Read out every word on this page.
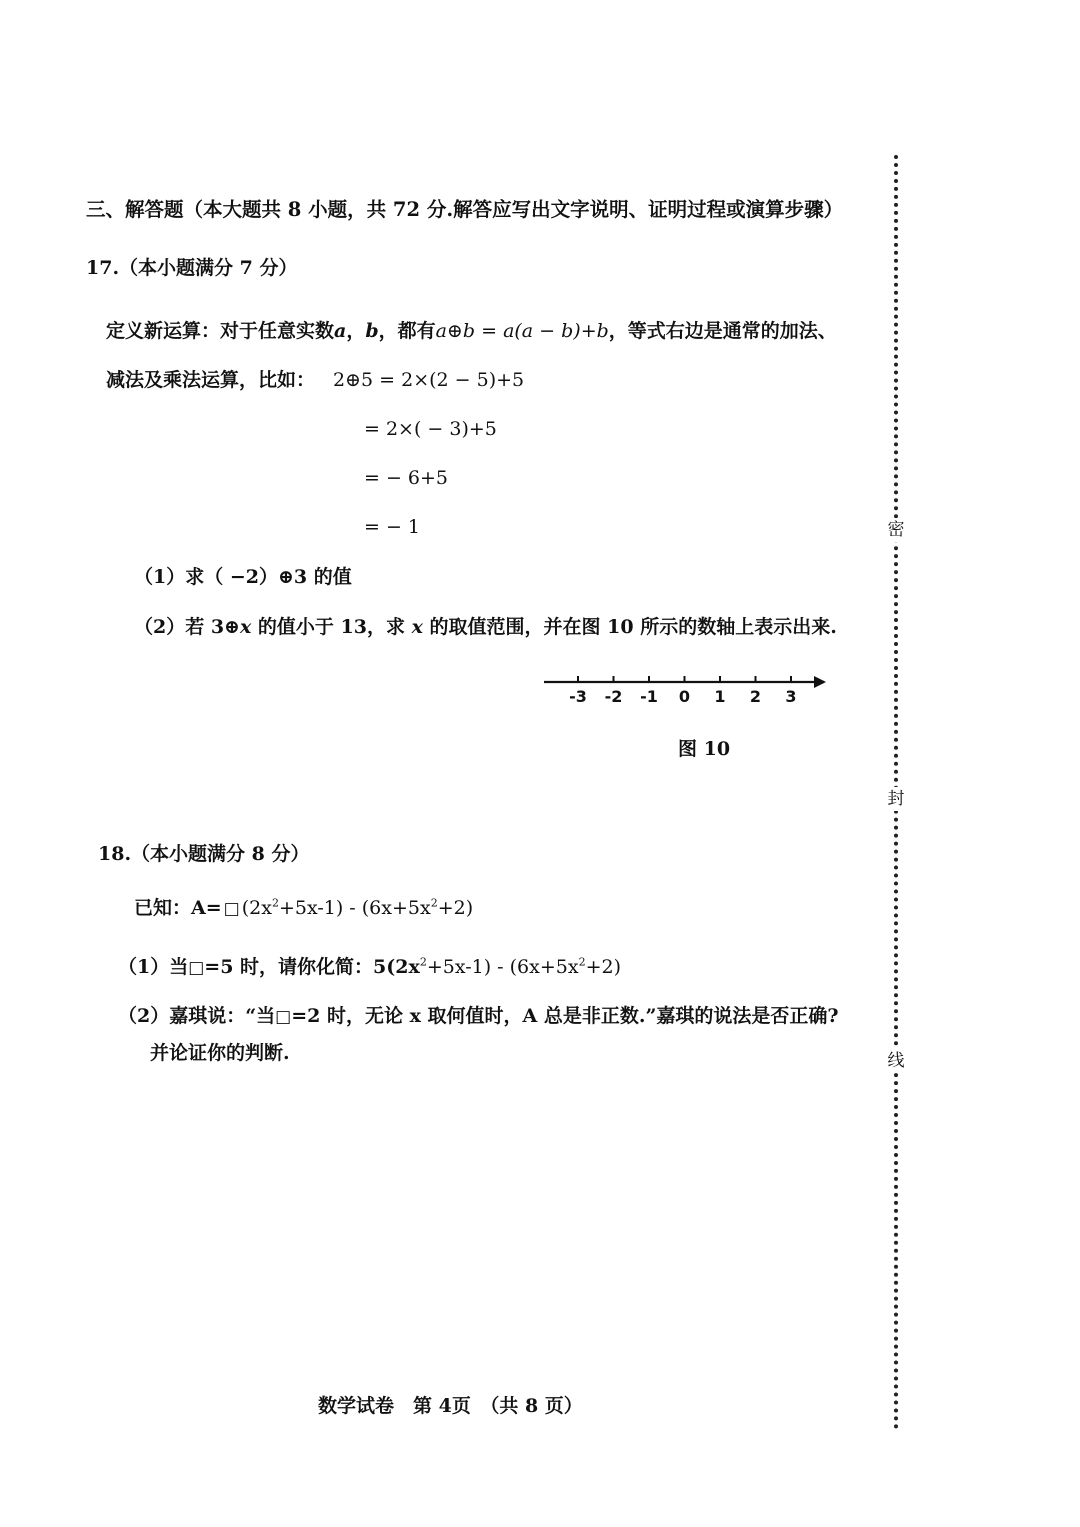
三、解答题（本大题共 8 小题，共 72 分.解答应写出文字说明、证明过程或演算步骤）
17.（本小题满分 7 分）
定义新运算：对于任意实数a，b，都有a⊕b = a(a − b)+b，等式右边是通常的加法、
减法及乘法运算，比如： 2⊕5 = 2×(2 − 5)+5
= 2×( − 3)+5
= − 6+5
= − 1
（1）求（ −2）⊕3 的值
（2）若 3⊕x 的值小于 13，求 x 的取值范围，并在图 10 所示的数轴上表示出来.
-3 -2 -1 0 1 2 3
图 10
18.（本小题满分 8 分）
已知：A= □ $(2x^2+5x-1) - (6x+5x^2+2)$
（1）当□=5 时，请你化简：$5(2x^2+5x-1) - (6x+5x^2+2)$
（2）嘉琪说：“当□=2 时，无论 x 取何值时，A 总是非正数.”嘉琪的说法是否正确?
并论证你的判断.
数学试卷　第 4页　（共 8 页）
密
封
线
